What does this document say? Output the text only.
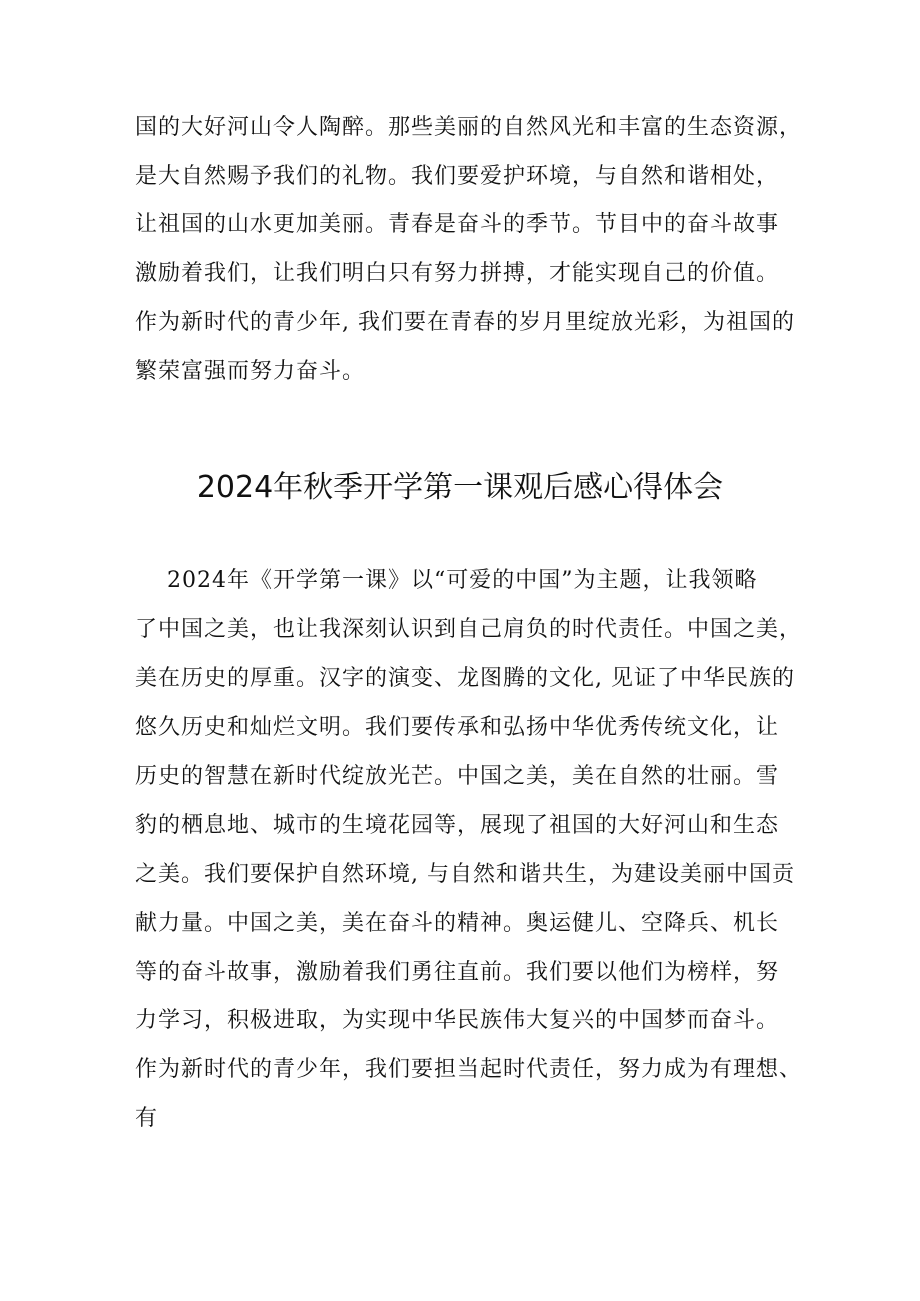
国的大好河山令人陶醉。那些美丽的自然风光和丰富的生态资源，
是大自然赐予我们的礼物。我们要爱护环境，与自然和谐相处，
让祖国的山水更加美丽。青春是奋斗的季节。节目中的奋斗故事
激励着我们，让我们明白只有努力拼搏，才能实现自己的价值。
作为新时代的青少年, 我们要在青春的岁月里绽放光彩，为祖国的
繁荣富强而努力奋斗。
2024年秋季开学第一课观后感心得体会
2024年《开学第一课》以“可爱的中国”为主题，让我领略
了中国之美，也让我深刻认识到自己肩负的时代责任。中国之美，
美在历史的厚重。汉字的演变、龙图腾的文化, 见证了中华民族的
悠久历史和灿烂文明。我们要传承和弘扬中华优秀传统文化，让
历史的智慧在新时代绽放光芒。中国之美，美在自然的壮丽。雪
豹的栖息地、城市的生境花园等，展现了祖国的大好河山和生态
之美。我们要保护自然环境, 与自然和谐共生，为建设美丽中国贡
献力量。中国之美，美在奋斗的精神。奥运健儿、空降兵、机长
等的奋斗故事，激励着我们勇往直前。我们要以他们为榜样，努
力学习，积极进取，为实现中华民族伟大复兴的中国梦而奋斗。
作为新时代的青少年，我们要担当起时代责任，努力成为有理想、
有
